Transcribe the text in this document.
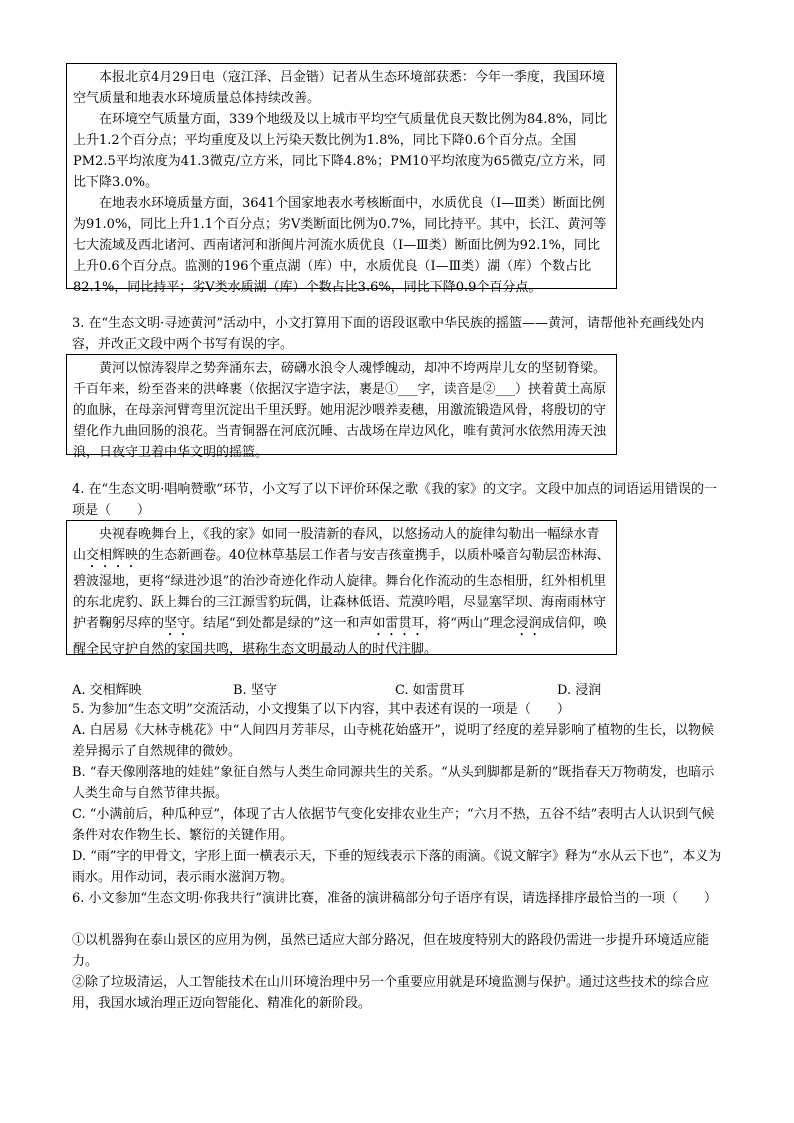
本报北京4月29日电（寇江泽、吕金锴）记者从生态环境部获悉：今年一季度，我国环境空气质量和地表水环境质量总体持续改善。

在环境空气质量方面，339个地级及以上城市平均空气质量优良天数比例为84.8%，同比上升1.2个百分点；平均重度及以上污染天数比例为1.8%，同比下降0.6个百分点。全国PM2.5平均浓度为41.3微克/立方米，同比下降4.8%；PM10平均浓度为65微克/立方米，同比下降3.0%。

在地表水环境质量方面，3641个国家地表水考核断面中，水质优良（Ⅰ—Ⅲ类）断面比例为91.0%，同比上升1.1个百分点；劣Ⅴ类断面比例为0.7%，同比持平。其中，长江、黄河等七大流域及西北诸河、西南诸河和浙闽片河流水质优良（Ⅰ—Ⅲ类）断面比例为92.1%，同比上升0.6个百分点。监测的196个重点湖（库）中，水质优良（Ⅰ—Ⅲ类）湖（库）个数占比82.1%，同比持平；劣Ⅴ类水质湖（库）个数占比3.6%，同比下降0.9个百分点。

3. 在“生态文明·寻迹黄河”活动中，小文打算用下面的语段讴歌中华民族的摇篮——黄河，请帮他补充画线处内容，并改正文段中两个书写有误的字。

黄河以惊涛裂岸之势奔涌东去，磅礴水浪令人魂悸魄动，却冲不垮两岸儿女的坚韧脊梁。千百年来，纷至沓来的洪峰裹（依据汉字造字法，裹是①___字，读音是②___）挟着黄土高原的血脉，在母亲河臂弯里沉淀出千里沃野。她用泥沙喂养麦穗，用激流锻造风骨，将殷切的守望化作九曲回肠的浪花。当青铜器在河底沉睡、古战场在岸边风化，唯有黄河水依然用涛天浊浪，日夜守卫着中华文明的摇篮。

4. 在“生态文明·唱响赞歌”环节，小文写了以下评价环保之歌《我的家》的文字。文段中加点的词语运用错误的一项是（　　）

央视春晚舞台上，《我的家》如同一股清新的春风，以悠扬动人的旋律勾勒出一幅绿水青山交相辉映的生态新画卷。40位林草基层工作者与安吉孩童携手，以质朴嗓音勾勒层峦林海、碧波湿地，更将“绿进沙退”的治沙奇迹化作动人旋律。舞台化作流动的生态相册，红外相机里的东北虎豹、跃上舞台的三江源雪豹玩偶，让森林低语、荒漠吟唱，尽显塞罕坝、海南雨林守护者鞠躬尽瘁的坚守。结尾“到处都是绿的”这一和声如雷贯耳，将“两山”理念浸润成信仰，唤醒全民守护自然的家国共鸣，堪称生态文明最动人的时代注脚。

A. 交相辉映	B. 坚守	C. 如雷贯耳	D. 浸润

5. 为参加“生态文明”交流活动，小文搜集了以下内容，其中表述有误的一项是（　　）

A. 白居易《大林寺桃花》中“人间四月芳菲尽，山寺桃花始盛开”，说明了经度的差异影响了植物的生长，以物候差异揭示了自然规律的微妙。

B. “春天像刚落地的娃娃”象征自然与人类生命同源共生的关系。“从头到脚都是新的”既指春天万物萌发，也暗示人类生命与自然节律共振。

C. “小满前后，种瓜种豆”，体现了古人依据节气变化安排农业生产；“六月不热，五谷不结”表明古人认识到气候条件对农作物生长、繁衍的关键作用。

D. “雨”字的甲骨文，字形上面一横表示天，下垂的短线表示下落的雨滴。《说文解字》释为“水从云下也”，本义为雨水。用作动词，表示雨水滋润万物。

6. 小文参加“生态文明·你我共行”演讲比赛，准备的演讲稿部分句子语序有误，请选择排序最恰当的一项（　　）

①以机器狗在泰山景区的应用为例，虽然已适应大部分路况，但在坡度特别大的路段仍需进一步提升环境适应能力。

②除了垃圾清运，人工智能技术在山川环境治理中另一个重要应用就是环境监测与保护。通过这些技术的综合应用，我国水域治理正迈向智能化、精准化的新阶段。
